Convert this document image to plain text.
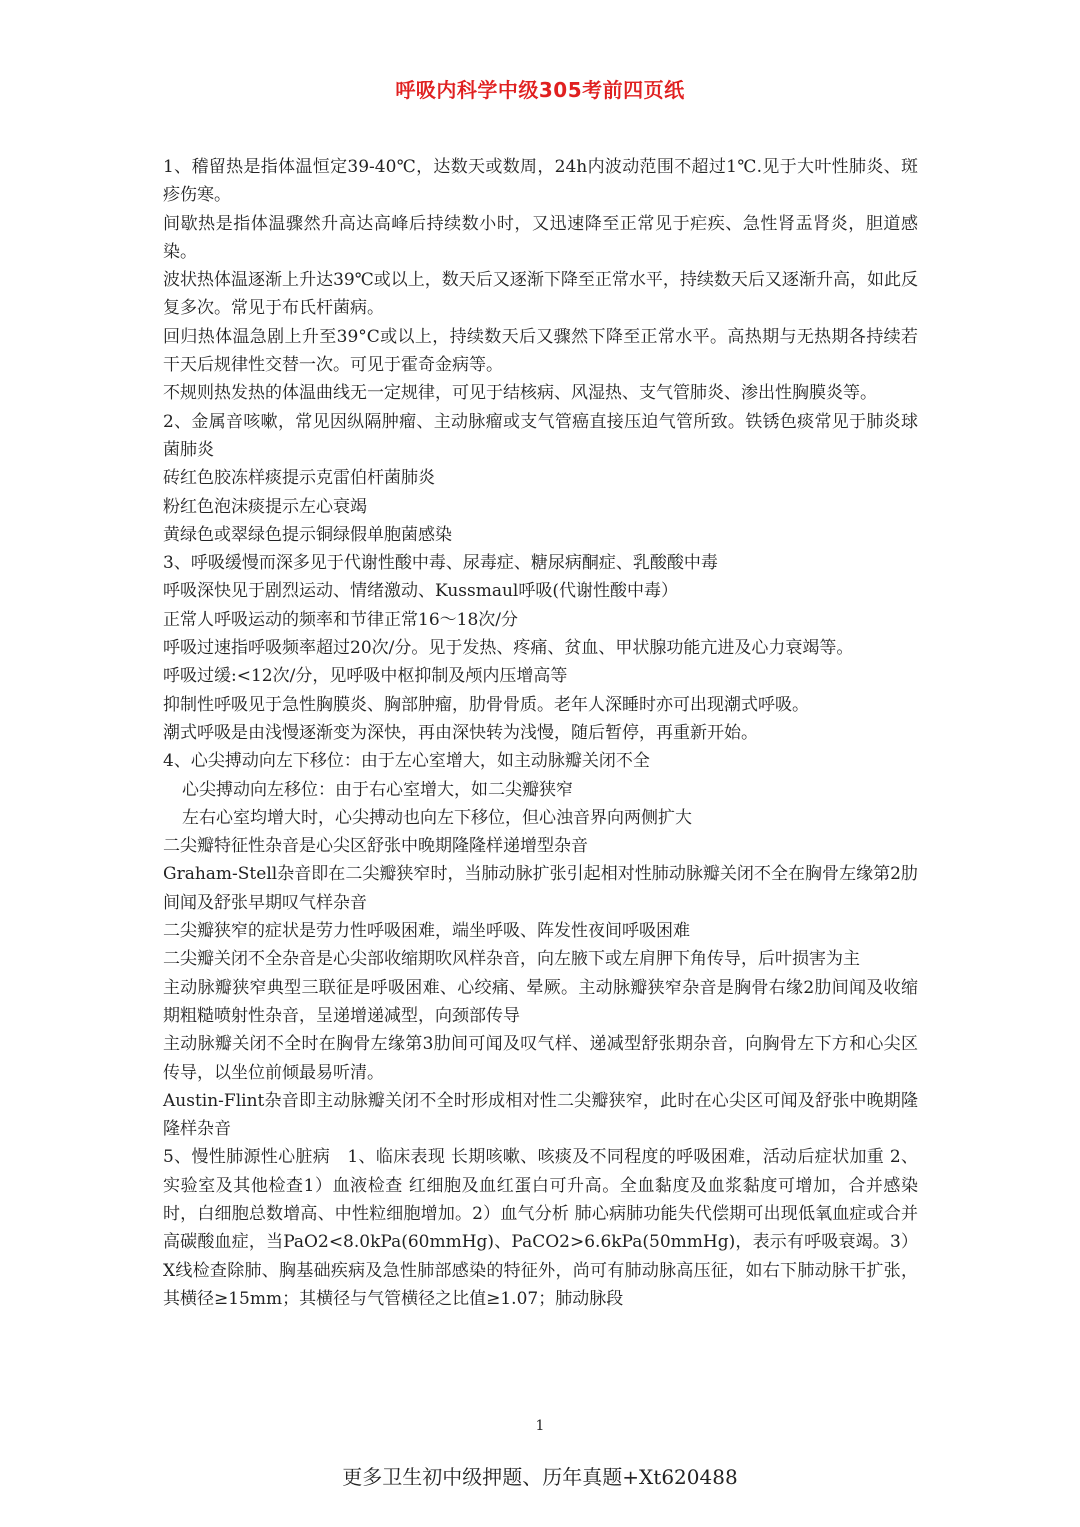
呼吸内科学中级305考前四页纸

1、稽留热是指体温恒定39-40℃，达数天或数周，24h内波动范围不超过1℃.见于大叶性肺炎、斑疹伤寒。

间歇热是指体温骤然升高达高峰后持续数小时，又迅速降至正常见于疟疾、急性肾盂肾炎，胆道感染。

波状热体温逐渐上升达39℃或以上，数天后又逐渐下降至正常水平，持续数天后又逐渐升高，如此反复多次。常见于布氏杆菌病。

回归热体温急剧上升至39°C或以上，持续数天后又骤然下降至正常水平。高热期与无热期各持续若干天后规律性交替一次。可见于霍奇金病等。

不规则热发热的体温曲线无一定规律，可见于结核病、风湿热、支气管肺炎、渗出性胸膜炎等。

2、金属音咳嗽，常见因纵隔肿瘤、主动脉瘤或支气管癌直接压迫气管所致。铁锈色痰常见于肺炎球菌肺炎

砖红色胶冻样痰提示克雷伯杆菌肺炎

粉红色泡沫痰提示左心衰竭

黄绿色或翠绿色提示铜绿假单胞菌感染

3、呼吸缓慢而深多见于代谢性酸中毒、尿毒症、糖尿病酮症、乳酸酸中毒

呼吸深快见于剧烈运动、情绪激动、Kussmaul呼吸(代谢性酸中毒）

正常人呼吸运动的频率和节律正常16～18次/分

呼吸过速指呼吸频率超过20次/分。见于发热、疼痛、贫血、甲状腺功能亢进及心力衰竭等。

呼吸过缓:<12次/分，见呼吸中枢抑制及颅内压增高等

抑制性呼吸见于急性胸膜炎、胸部肿瘤，肋骨骨质。老年人深睡时亦可出现潮式呼吸。

潮式呼吸是由浅慢逐渐变为深快，再由深快转为浅慢，随后暂停，再重新开始。

4、心尖搏动向左下移位：由于左心室增大，如主动脉瓣关闭不全

心尖搏动向左移位：由于右心室增大，如二尖瓣狭窄

左右心室均增大时，心尖搏动也向左下移位，但心浊音界向两侧扩大

二尖瓣特征性杂音是心尖区舒张中晚期隆隆样递增型杂音

Graham-Stell杂音即在二尖瓣狭窄时，当肺动脉扩张引起相对性肺动脉瓣关闭不全在胸骨左缘第2肋间闻及舒张早期叹气样杂音

二尖瓣狭窄的症状是劳力性呼吸困难，端坐呼吸、阵发性夜间呼吸困难

二尖瓣关闭不全杂音是心尖部收缩期吹风样杂音，向左腋下或左肩胛下角传导，后叶损害为主

主动脉瓣狭窄典型三联征是呼吸困难、心绞痛、晕厥。主动脉瓣狭窄杂音是胸骨右缘2肋间闻及收缩期粗糙喷射性杂音，呈递增递减型，向颈部传导

主动脉瓣关闭不全时在胸骨左缘第3肋间可闻及叹气样、递减型舒张期杂音，向胸骨左下方和心尖区传导，以坐位前倾最易听清。

Austin-Flint杂音即主动脉瓣关闭不全时形成相对性二尖瓣狭窄，此时在心尖区可闻及舒张中晚期隆隆样杂音

5、慢性肺源性心脏病　1、临床表现 长期咳嗽、咳痰及不同程度的呼吸困难，活动后症状加重 2、实验室及其他检查1）血液检查 红细胞及血红蛋白可升高。全血黏度及血浆黏度可增加，合并感染时，白细胞总数增高、中性粒细胞增加。2）血气分析 肺心病肺功能失代偿期可出现低氧血症或合并高碳酸血症，当PaO2<8.0kPa(60mmHg)、PaCO2>6.6kPa(50mmHg)，表示有呼吸衰竭。3）X线检查除肺、胸基础疾病及急性肺部感染的特征外，尚可有肺动脉高压征，如右下肺动脉干扩张，其横径≥15mm；其横径与气管横径之比值≥1.07；肺动脉段

1
更多卫生初中级押题、历年真题+Xt620488
